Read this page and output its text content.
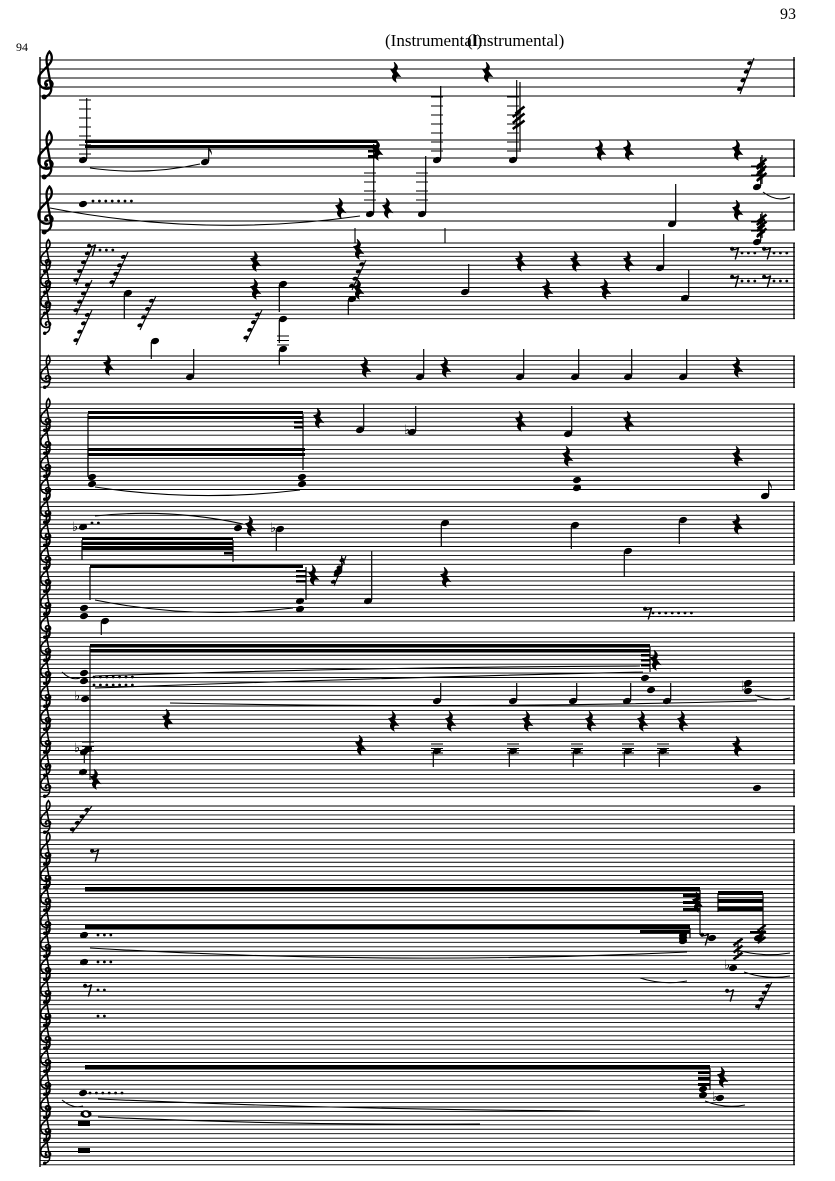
93
94	(Instrumental)
(Instrumental)
♭
♭	♭
♭
♭
♭
♭
♭
